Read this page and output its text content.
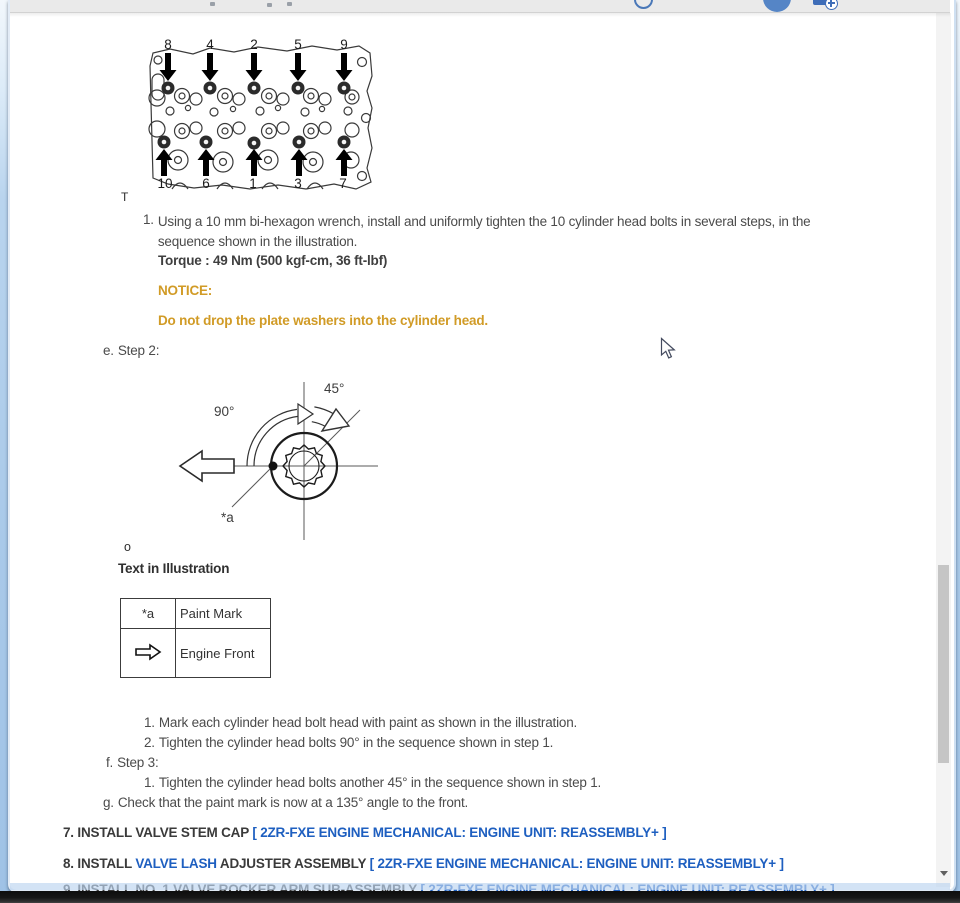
8	4	2	5	9
10 6	1	3	7
T
1. Using a 10 mm bi-hexagon wrench, install and uniformly tighten the 10 cylinder head bolts in several steps, in the sequence shown in the illustration.
Torque : 49 Nm (500 kgf-cm, 36 ft-lbf)
NOTICE:
Do not drop the plate washers into the cylinder head.
e. Step 2:
45°
90°
*a
o
Text in Illustration
*a	Paint Mark
	Engine Front
1. Mark each cylinder head bolt head with paint as shown in the illustration.
2. Tighten the cylinder head bolts 90° in the sequence shown in step 1.
f. Step 3:
1. Tighten the cylinder head bolts another 45° in the sequence shown in step 1.
g. Check that the paint mark is now at a 135° angle to the front.
7. INSTALL VALVE STEM CAP [ 2ZR-FXE ENGINE MECHANICAL: ENGINE UNIT: REASSEMBLY+ ]
8. INSTALL VALVE LASH ADJUSTER ASSEMBLY [ 2ZR-FXE ENGINE MECHANICAL: ENGINE UNIT: REASSEMBLY+ ]
